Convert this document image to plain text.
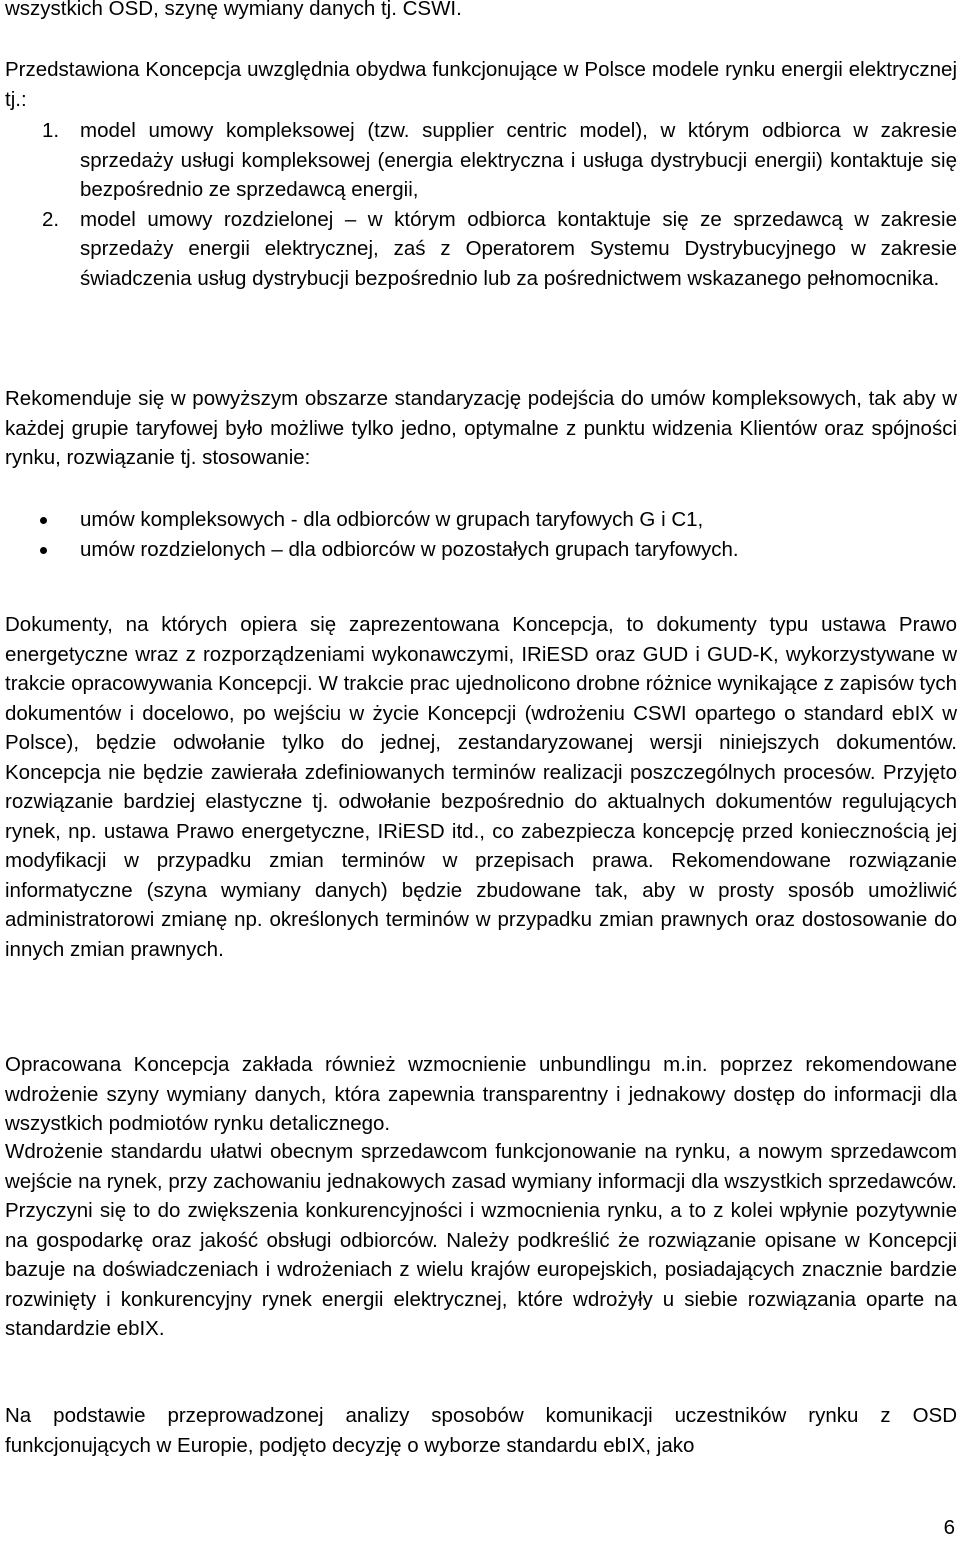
wszystkich OSD, szynę wymiany danych tj. CSWI.

Przedstawiona Koncepcja uwzględnia obydwa funkcjonujące w Polsce modele rynku energii elektrycznej tj.:

1. model umowy kompleksowej (tzw. supplier centric model), w którym odbiorca w zakresie sprzedaży usługi kompleksowej (energia elektryczna i usługa dystrybucji energii) kontaktuje się bezpośrednio ze sprzedawcą energii,
2. model umowy rozdzielonej – w którym odbiorca kontaktuje się ze sprzedawcą w zakresie sprzedaży energii elektrycznej, zaś z Operatorem Systemu Dystrybucyjnego w zakresie świadczenia usług dystrybucji bezpośrednio lub za pośrednictwem wskazanego pełnomocnika.

Rekomenduje się w powyższym obszarze standaryzację podejścia do umów kompleksowych, tak aby w każdej grupie taryfowej było możliwe tylko jedno, optymalne z punktu widzenia Klientów oraz spójności rynku, rozwiązanie tj. stosowanie:

umów kompleksowych - dla odbiorców w grupach taryfowych G i C1,
umów rozdzielonych – dla odbiorców w pozostałych grupach taryfowych.

Dokumenty, na których opiera się zaprezentowana Koncepcja, to dokumenty typu ustawa Prawo energetyczne wraz z rozporządzeniami wykonawczymi, IRiESD oraz GUD i GUD-K, wykorzystywane w trakcie opracowywania Koncepcji. W trakcie prac ujednolicono drobne różnice wynikające z zapisów tych dokumentów i docelowo, po wejściu w życie Koncepcji (wdrożeniu CSWI opartego o standard ebIX w Polsce), będzie odwołanie tylko do jednej, zestandaryzowanej wersji niniejszych dokumentów. Koncepcja nie będzie zawierała zdefiniowanych terminów realizacji poszczególnych procesów. Przyjęto rozwiązanie bardziej elastyczne tj. odwołanie bezpośrednio do aktualnych dokumentów regulujących rynek, np. ustawa Prawo energetyczne, IRiESD itd., co zabezpiecza koncepcję przed koniecznością jej modyfikacji w przypadku zmian terminów w przepisach prawa. Rekomendowane rozwiązanie informatyczne (szyna wymiany danych) będzie zbudowane tak, aby w prosty sposób umożliwić administratorowi zmianę np. określonych terminów w przypadku zmian prawnych oraz dostosowanie do innych zmian prawnych.

Opracowana Koncepcja zakłada również wzmocnienie unbundlingu m.in. poprzez rekomendowane wdrożenie szyny wymiany danych, która zapewnia transparentny i jednakowy dostęp do informacji dla wszystkich podmiotów rynku detalicznego.

Wdrożenie standardu ułatwi obecnym sprzedawcom funkcjonowanie na rynku, a nowym sprzedawcom wejście na rynek, przy zachowaniu jednakowych zasad wymiany informacji dla wszystkich sprzedawców. Przyczyni się to do zwiększenia konkurencyjności i wzmocnienia rynku, a to z kolei wpłynie pozytywnie na gospodarkę oraz jakość obsługi odbiorców. Należy podkreślić że rozwiązanie opisane w Koncepcji bazuje na doświadczeniach i wdrożeniach z wielu krajów europejskich, posiadających znacznie bardzie rozwinięty i konkurencyjny rynek energii elektrycznej, które wdrożyły u siebie rozwiązania oparte na standardzie ebIX.

Na podstawie przeprowadzonej analizy sposobów komunikacji uczestników rynku z OSD funkcjonujących w Europie, podjęto decyzję o wyborze standardu ebIX, jako

6
